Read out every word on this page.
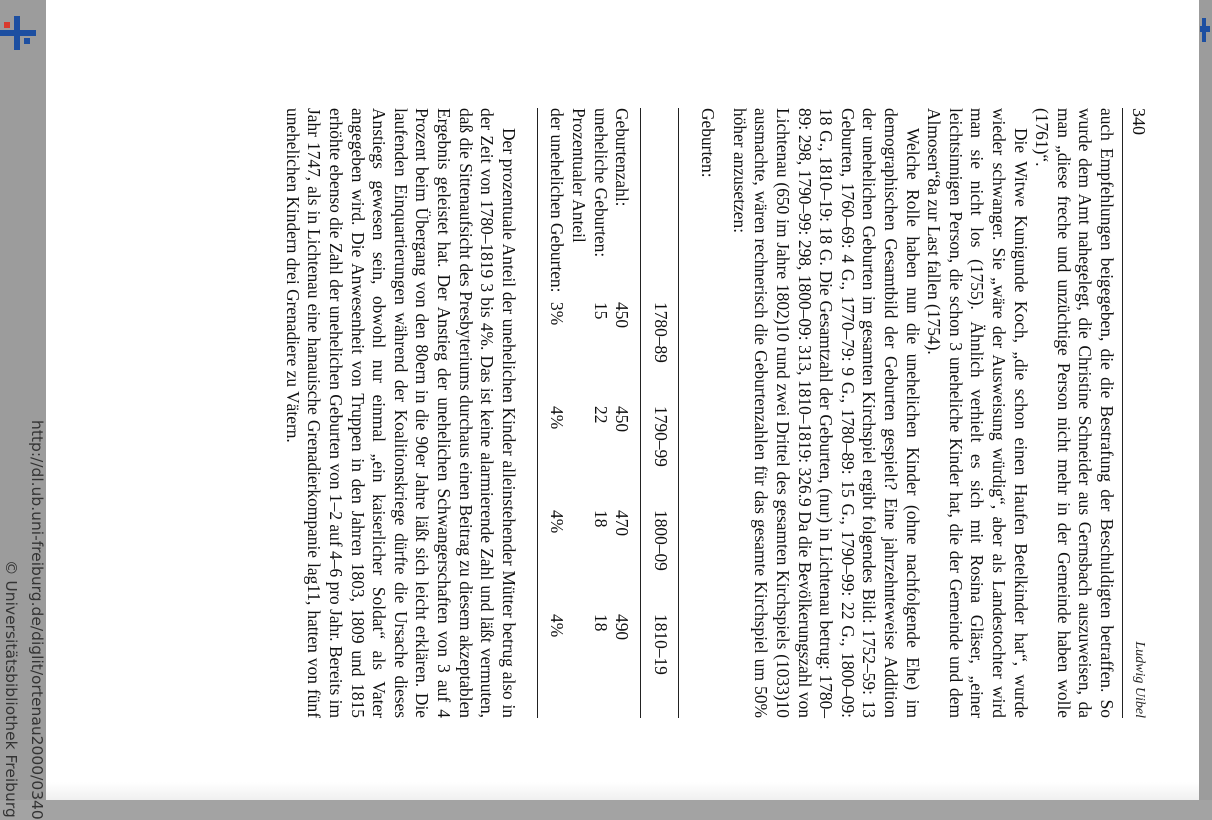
http://dl.ub.uni-freiburg.de/diglit/ortenau2000/0340
© Universitätsbibliothek Freiburg
340
Ludwig Uibel

auch Empfehlungen beigegeben, die die Bestrafung der Beschuldigten betraffen. So wurde dem Amt nahegelegt, die Christine Schneider aus Gernsbach auszuweisen, da man „diese freche und unzüchtige Person nicht mehr in der Gemeinde haben wolle (1761)“.

Die Witwe Kunigunde Koch, „die schon einen Haufen Betelkinder hat“, wurde wieder schwanger. Sie „wäre der Ausweisung würdig“, aber als Landestochter wird man sie nicht los (1755). Ähnlich verhielt es sich mit Rosina Gläser, „einer leichtsinnigen Person, die schon 3 uneheliche Kinder hat, die der Gemeinde und dem Almosen“8a zur Last fallen (1754).

Welche Rolle haben nun die unehelichen Kinder (ohne nachfolgende Ehe) im demographischen Gesamtbild der Geburten gespielt? Eine jahrzehnteweise Addition der unehelichen Geburten im gesamten Kirchspiel ergibt folgendes Bild: 1752–59: 13 Geburten, 1760–69: 4 G., 1770–79: 9 G., 1780–89: 15 G., 1790–99: 22 G., 1800–09: 18 G., 1810–19: 18 G. Die Gesamtzahl der Geburten, (nur) in Lichtenau betrug: 1780–89: 298, 1790–99: 298, 1800–09: 313, 1810–1819: 326.9 Da die Bevölkerungszahl von Lichtenau (650 im Jahre 1802)10 rund zwei Drittel des gesamten Kirchspiels (1033)10 ausmachte, wären rechnerisch die Geburtenzahlen für das gesamte Kirchspiel um 50% höher anzusetzen:

Geburten:

	1780–89	1790–99	1800–09	1810–19
Geburtenzahl:	450	450	470	490
uneheliche Geburten:	15	22	18	18
Prozentualer Anteil				
der unehelichen Geburten:	3%	4%	4%	4%

Der prozentuale Anteil der unehelichen Kinder alleinstehender Mütter betrug also in der Zeit von 1780–1819 3 bis 4%. Das ist keine alarmierende Zahl und läßt vermuten, daß die Sittenaufsicht des Presbyteriums durchaus einen Beitrag zu diesem akzeptablen Ergebnis geleistet hat. Der Anstieg der unehelichen Schwangerschaften von 3 auf 4 Prozent beim Übergang von den 80ern in die 90er Jahre läßt sich leicht erklären. Die laufenden Einquartierungen während der Koalitionskriege dürfte die Ursache dieses Anstiegs gewesen sein, obwohl nur einmal „ein kaiserlicher Soldat“ als Vater angegeben wird. Die Anwesenheit von Truppen in den Jahren 1803, 1809 und 1815 erhöhte ebenso die Zahl der unehelichen Geburten von 1–2 auf 4–6 pro Jahr. Bereits im Jahr 1747, als in Lichtenau eine hanauische Grenadierkompanie lag11, hatten von fünf unehelichen Kindern drei Grenadiere zu Vätern.
